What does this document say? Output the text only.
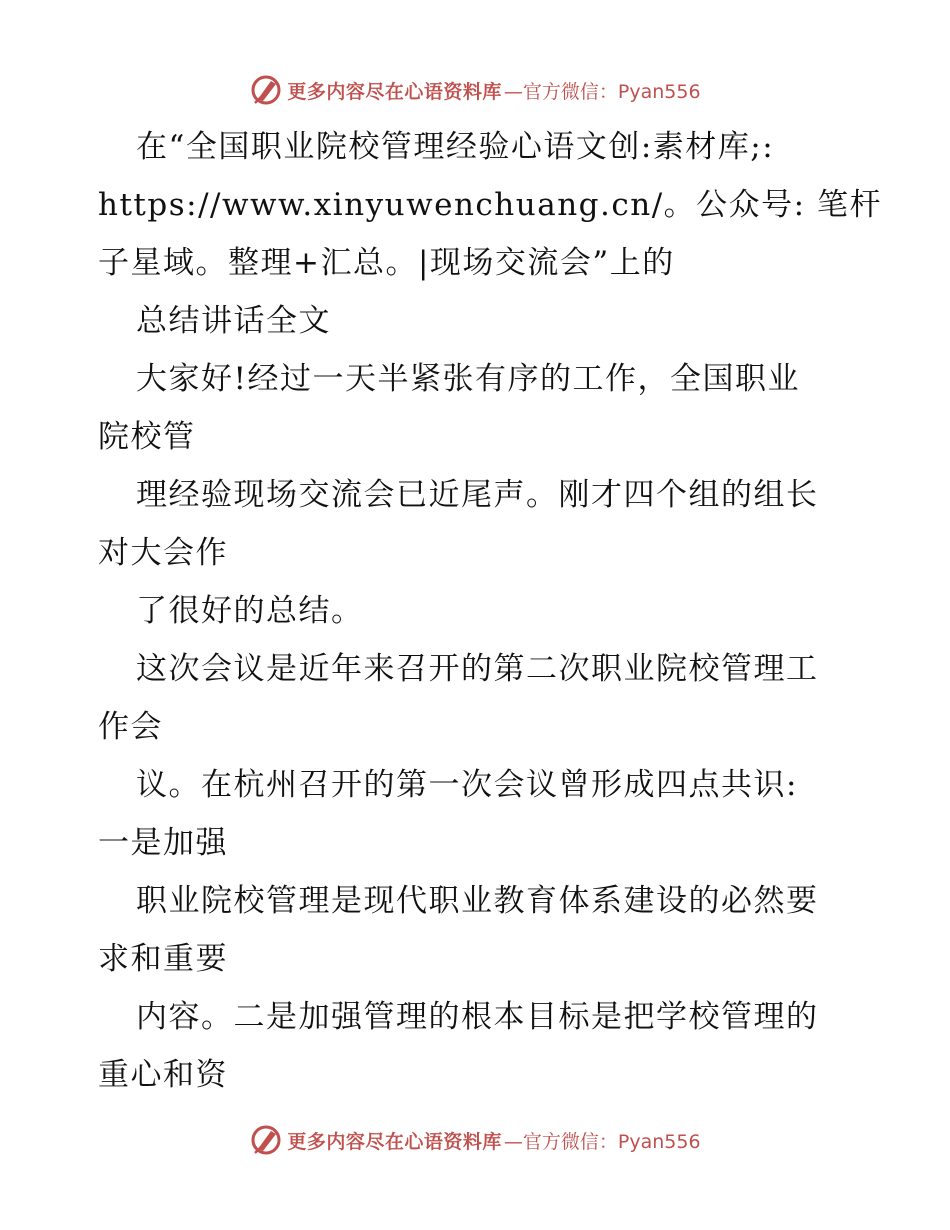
更多内容尽在心语资料库 —官方微信：Pyan556
在“全国职业院校管理经验心语文创:素材库;:
https://www.xinyuwenchuang.cn/。公众号: 笔杆
子星域。整理+汇总。|现场交流会”上的
总结讲话全文
大家好!经过一天半紧张有序的工作，全国职业
院校管
理经验现场交流会已近尾声。刚才四个组的组长
对大会作
了很好的总结。
这次会议是近年来召开的第二次职业院校管理工
作会
议。在杭州召开的第一次会议曾形成四点共识:
一是加强
职业院校管理是现代职业教育体系建设的必然要
求和重要
内容。二是加强管理的根本目标是把学校管理的
重心和资
更多内容尽在心语资料库 —官方微信：Pyan556
